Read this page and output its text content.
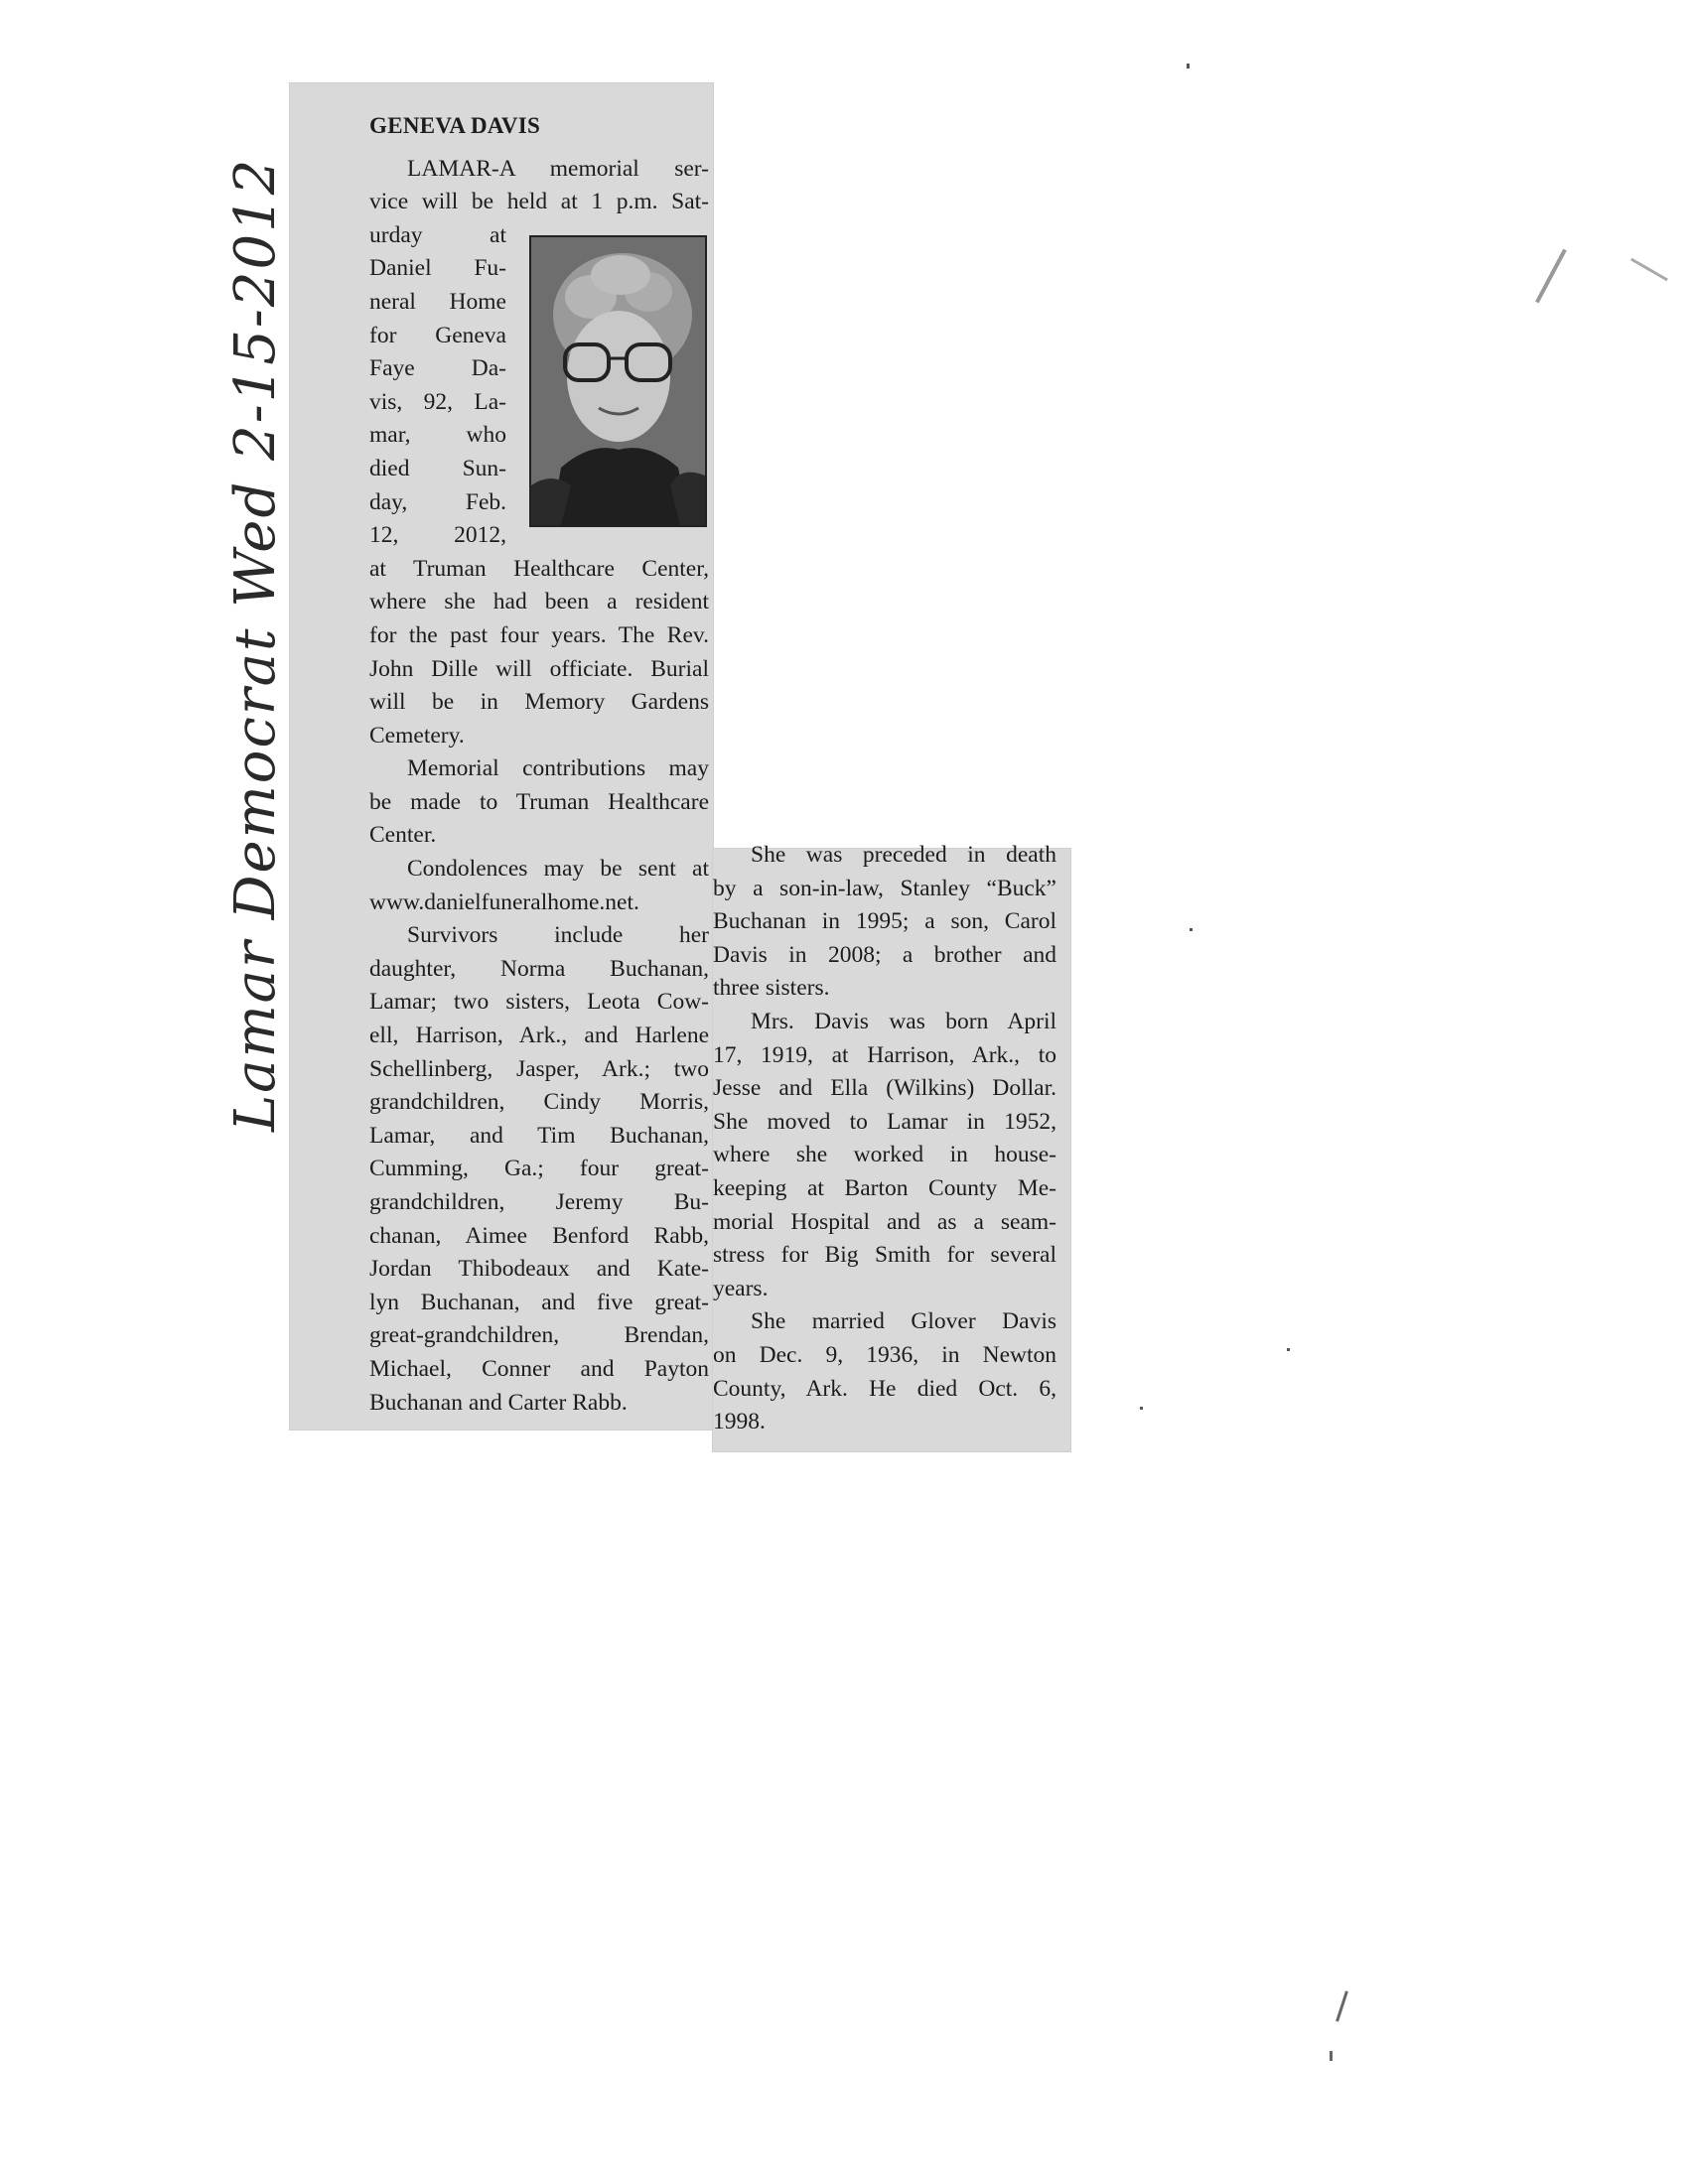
GENEVA DAVIS
LAMAR-A memorial ser-
vice will be held at 1 p.m. Sat-
urday at
Daniel Fu-
neral Home
for Geneva
Faye Da-
vis, 92, La-
mar, who
died Sun-
day, Feb.
12, 2012,
at Truman Healthcare Center,
where she had been a resident
for the past four years. The Rev.
John Dille will officiate. Burial
will be in Memory Gardens
Cemetery.
Memorial contributions may
be made to Truman Healthcare
Center.
Condolences may be sent at
www.danielfuneralhome.net.
Survivors include her
daughter, Norma Buchanan,
Lamar; two sisters, Leota Cow-
ell, Harrison, Ark., and Harlene
Schellinberg, Jasper, Ark.; two
grandchildren, Cindy Morris,
Lamar, and Tim Buchanan,
Cumming, Ga.; four great-
grandchildren, Jeremy Bu-
chanan, Aimee Benford Rabb,
Jordan Thibodeaux and Kate-
lyn Buchanan, and five great-
great-grandchildren, Brendan,
Michael, Conner and Payton
Buchanan and Carter Rabb.
She was preceded in death
by a son-in-law, Stanley “Buck”
Buchanan in 1995; a son, Carol
Davis in 2008; a brother and
three sisters.
Mrs. Davis was born April
17, 1919, at Harrison, Ark., to
Jesse and Ella (Wilkins) Dollar.
She moved to Lamar in 1952,
where she worked in house-
keeping at Barton County Me-
morial Hospital and as a seam-
stress for Big Smith for several
years.
She married Glover Davis
on Dec. 9, 1936, in Newton
County, Ark. He died Oct. 6,
1998.
Lamar Democrat Wed 2-15-2012
